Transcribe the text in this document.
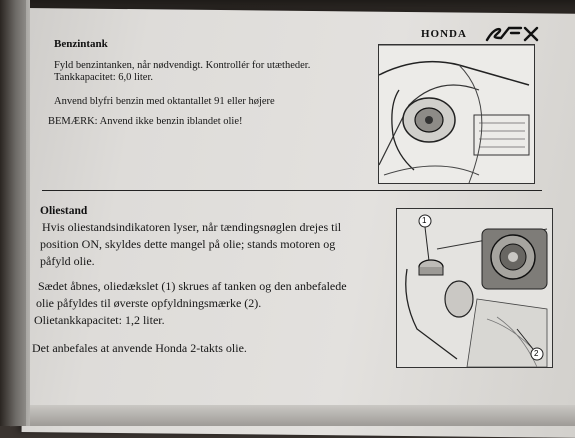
HONDA
Benzintank
Fyld benzintanken, når nødvendigt. Kontrollér for utætheder.
Tankkapacitet: 6,0 liter.
Anvend blyfri benzin med oktantallet 91 eller højere
BEMÆRK: Anvend ikke benzin iblandet olie!
Oliestand
Hvis oliestandsindikatoren lyser, når tændingsnøglen drejes til
position ON, skyldes dette mangel på olie; stands motoren og
påfyld olie.
Sædet åbnes, oliedækslet (1) skrues af tanken og den anbefalede
olie påfyldes til øverste opfyldningsmærke (2).
Olietankkapacitet: 1,2 liter.
Det anbefales at anvende Honda 2-takts olie.
1
2
